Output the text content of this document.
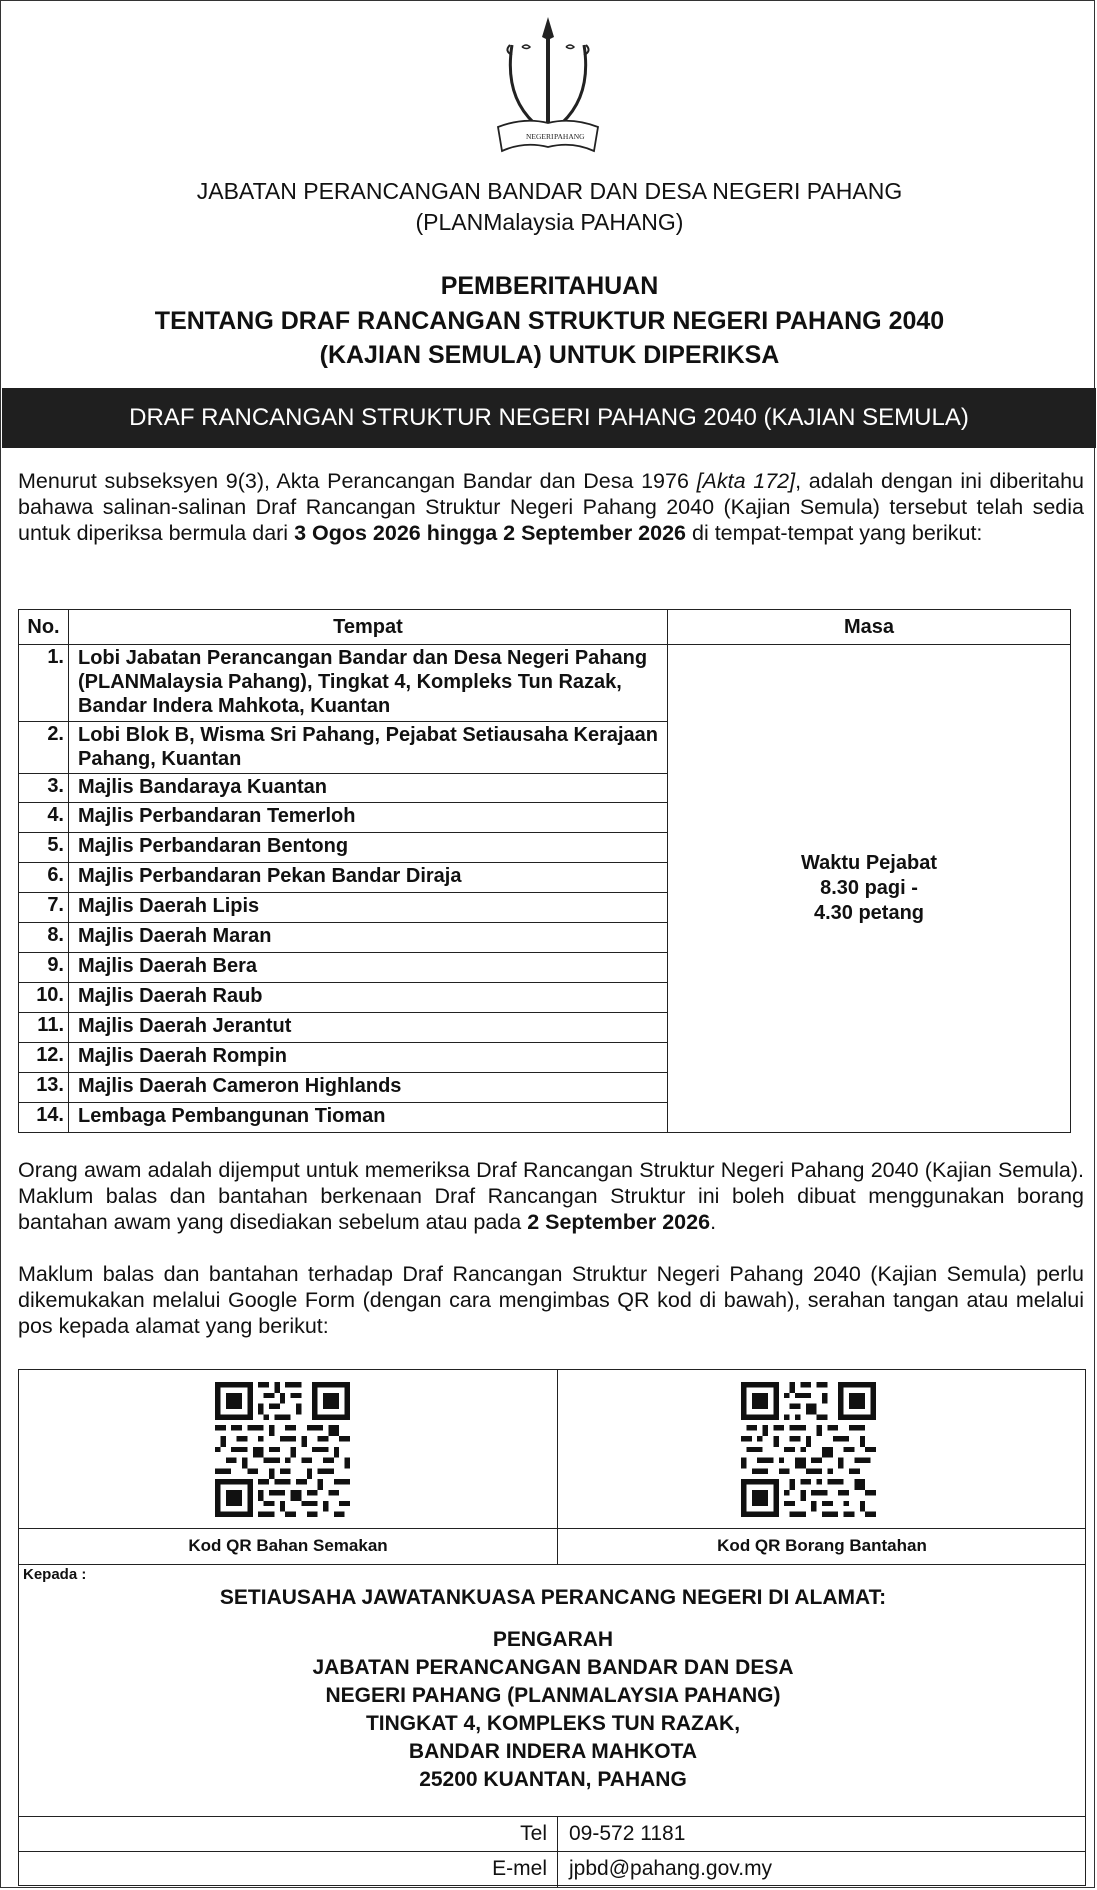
NEGERI PAHANG
JABATAN PERANCANGAN BANDAR DAN DESA NEGERI PAHANG
(PLANMalaysia PAHANG)
PEMBERITAHUAN
TENTANG DRAF RANCANGAN STRUKTUR NEGERI PAHANG 2040
(KAJIAN SEMULA) UNTUK DIPERIKSA
DRAF RANCANGAN STRUKTUR NEGERI PAHANG 2040 (KAJIAN SEMULA)
Menurut subseksyen 9(3), Akta Perancangan Bandar dan Desa 1976 [Akta 172], adalah dengan ini diberitahu bahawa salinan-salinan Draf Rancangan Struktur Negeri Pahang 2040 (Kajian Semula) tersebut telah sedia untuk diperiksa bermula dari 3 Ogos 2026 hingga 2 September 2026 di tempat-tempat yang berikut:
No.	Tempat	Masa
1.	Lobi Jabatan Perancangan Bandar dan Desa Negeri Pahang (PLANMalaysia Pahang), Tingkat 4, Kompleks Tun Razak, Bandar Indera Mahkota, Kuantan	Waktu Pejabat
8.30 pagi -
4.30 petang

2.	Lobi Blok B, Wisma Sri Pahang, Pejabat Setiausaha Kerajaan Pahang, Kuantan	
3.	Majlis Bandaraya Kuantan	
4.	Majlis Perbandaran Temerloh	
5.	Majlis Perbandaran Bentong	
6.	Majlis Perbandaran Pekan Bandar Diraja	
7.	Majlis Daerah Lipis	
8.	Majlis Daerah Maran	
9.	Majlis Daerah Bera	
10.	Majlis Daerah Raub	
11.	Majlis Daerah Jerantut	
12.	Majlis Daerah Rompin	
13.	Majlis Daerah Cameron Highlands	
14.	Lembaga Pembangunan Tioman	
Orang awam adalah dijemput untuk memeriksa Draf Rancangan Struktur Negeri Pahang 2040 (Kajian Semula). Maklum balas dan bantahan berkenaan Draf Rancangan Struktur ini boleh dibuat menggunakan borang bantahan awam yang disediakan sebelum atau pada 2 September 2026.
Maklum balas dan bantahan terhadap Draf Rancangan Struktur Negeri Pahang 2040 (Kajian Semula) perlu dikemukakan melalui Google Form (dengan cara mengimbas QR kod di bawah), serahan tangan atau melalui pos kepada alamat yang berikut:
Kod QR Bahan Semakan	Kod QR Borang Bantahan
Kepada :
SETIAUSAHA JAWATANKUASA PERANCANG NEGERI DI ALAMAT:
PENGARAH
JABATAN PERANCANGAN BANDAR DAN DESA
NEGERI PAHANG (PLANMALAYSIA PAHANG)
TINGKAT 4, KOMPLEKS TUN RAZAK,
BANDAR INDERA MAHKOTA
25200 KUANTAN, PAHANG
Tel 09-572 1181
E-mel jpbd@pahang.gov.my
